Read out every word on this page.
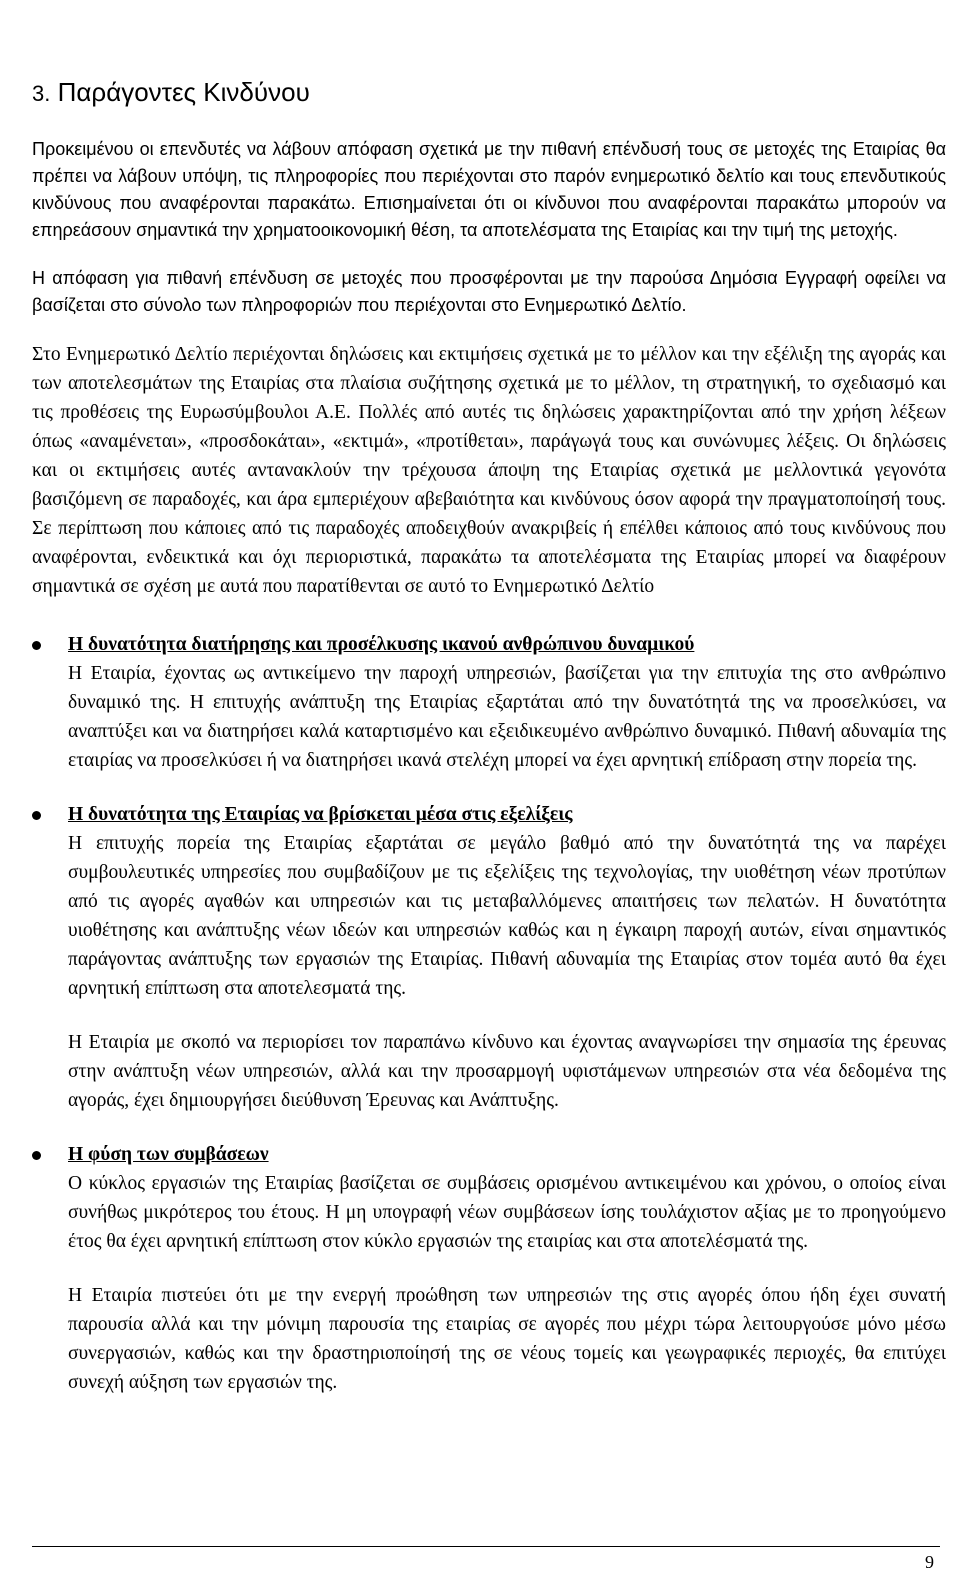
3. Παράγοντες Κινδύνου

Προκειμένου οι επενδυτές να λάβουν απόφαση σχετικά με την πιθανή επένδυσή τους σε μετοχές της Εταιρίας θα πρέπει να λάβουν υπόψη, τις πληροφορίες που περιέχονται στο παρόν ενημερωτικό δελτίο και τους επενδυτικούς κινδύνους που αναφέρονται παρακάτω. Επισημαίνεται ότι οι κίνδυνοι που αναφέρονται παρακάτω μπορούν να επηρεάσουν σημαντικά την χρηματοοικονομική θέση, τα αποτελέσματα της Εταιρίας και την τιμή της μετοχής.

Η απόφαση για πιθανή επένδυση σε μετοχές που προσφέρονται με την παρούσα Δημόσια Εγγραφή οφείλει να βασίζεται στο σύνολο των πληροφοριών που περιέχονται στο Ενημερωτικό Δελτίο.

Στο Ενημερωτικό Δελτίο περιέχονται δηλώσεις και εκτιμήσεις σχετικά με το μέλλον και την εξέλιξη της αγοράς και των αποτελεσμάτων της Εταιρίας στα πλαίσια συζήτησης σχετικά με το μέλλον, τη στρατηγική, το σχεδιασμό και τις προθέσεις της Ευρωσύμβουλοι Α.Ε. Πολλές από αυτές τις δηλώσεις χαρακτηρίζονται από την χρήση λέξεων όπως «αναμένεται», «προσδοκάται», «εκτιμά», «προτίθεται», παράγωγά τους και συνώνυμες λέξεις. Οι δηλώσεις και οι εκτιμήσεις αυτές αντανακλούν την τρέχουσα άποψη της Εταιρίας σχετικά με μελλοντικά γεγονότα βασιζόμενη σε παραδοχές, και άρα εμπεριέχουν αβεβαιότητα και κινδύνους όσον αφορά την πραγματοποίησή τους. Σε περίπτωση που κάποιες από τις παραδοχές αποδειχθούν ανακριβείς ή επέλθει κάποιος από τους κινδύνους που αναφέρονται, ενδεικτικά και όχι περιοριστικά, παρακάτω τα αποτελέσματα της Εταιρίας μπορεί να διαφέρουν σημαντικά σε σχέση με αυτά που παρατίθενται σε αυτό το Ενημερωτικό Δελτίο

Η δυνατότητα διατήρησης και προσέλκυσης ικανού ανθρώπινου δυναμικού

Η Εταιρία, έχοντας ως αντικείμενο την παροχή υπηρεσιών, βασίζεται για την επιτυχία της στο ανθρώπινο δυναμικό της. Η επιτυχής ανάπτυξη της Εταιρίας εξαρτάται από την δυνατότητά της να προσελκύσει, να αναπτύξει και να διατηρήσει καλά καταρτισμένο και εξειδικευμένο ανθρώπινο δυναμικό. Πιθανή αδυναμία της εταιρίας να προσελκύσει ή να διατηρήσει ικανά στελέχη μπορεί να έχει αρνητική επίδραση στην πορεία της.

Η δυνατότητα της Εταιρίας να βρίσκεται μέσα στις εξελίξεις

Η επιτυχής πορεία της Εταιρίας εξαρτάται σε μεγάλο βαθμό από την δυνατότητά της να παρέχει συμβουλευτικές υπηρεσίες που συμβαδίζουν με τις εξελίξεις της τεχνολογίας, την υιοθέτηση νέων προτύπων από τις αγορές αγαθών και υπηρεσιών και τις μεταβαλλόμενες απαιτήσεις των πελατών. Η δυνατότητα υιοθέτησης και ανάπτυξης νέων ιδεών και υπηρεσιών καθώς και η έγκαιρη παροχή αυτών, είναι σημαντικός παράγοντας ανάπτυξης των εργασιών της Εταιρίας. Πιθανή αδυναμία της Εταιρίας στον τομέα αυτό θα έχει αρνητική επίπτωση στα αποτελεσματά της.

Η Εταιρία με σκοπό να περιορίσει τον παραπάνω κίνδυνο και έχοντας αναγνωρίσει την σημασία της έρευνας στην ανάπτυξη νέων υπηρεσιών, αλλά και την προσαρμογή υφιστάμενων υπηρεσιών στα νέα δεδομένα της αγοράς, έχει δημιουργήσει διεύθυνση Έρευνας και Ανάπτυξης.

Η φύση των συμβάσεων

Ο κύκλος εργασιών της Εταιρίας βασίζεται σε συμβάσεις ορισμένου αντικειμένου και χρόνου, ο οποίος είναι συνήθως μικρότερος του έτους. Η μη υπογραφή νέων συμβάσεων ίσης τουλάχιστον αξίας με το προηγούμενο έτος θα έχει αρνητική επίπτωση στον κύκλο εργασιών της εταιρίας και στα αποτελέσματά της.

Η Εταιρία πιστεύει ότι με την ενεργή προώθηση των υπηρεσιών της στις αγορές όπου ήδη έχει συνατή παρουσία αλλά και την μόνιμη παρουσία της εταιρίας σε αγορές που μέχρι τώρα λειτουργούσε μόνο μέσω συνεργασιών, καθώς και την δραστηριοποίησή της σε νέους τομείς και γεωγραφικές περιοχές, θα επιτύχει συνεχή αύξηση των εργασιών της.

9
